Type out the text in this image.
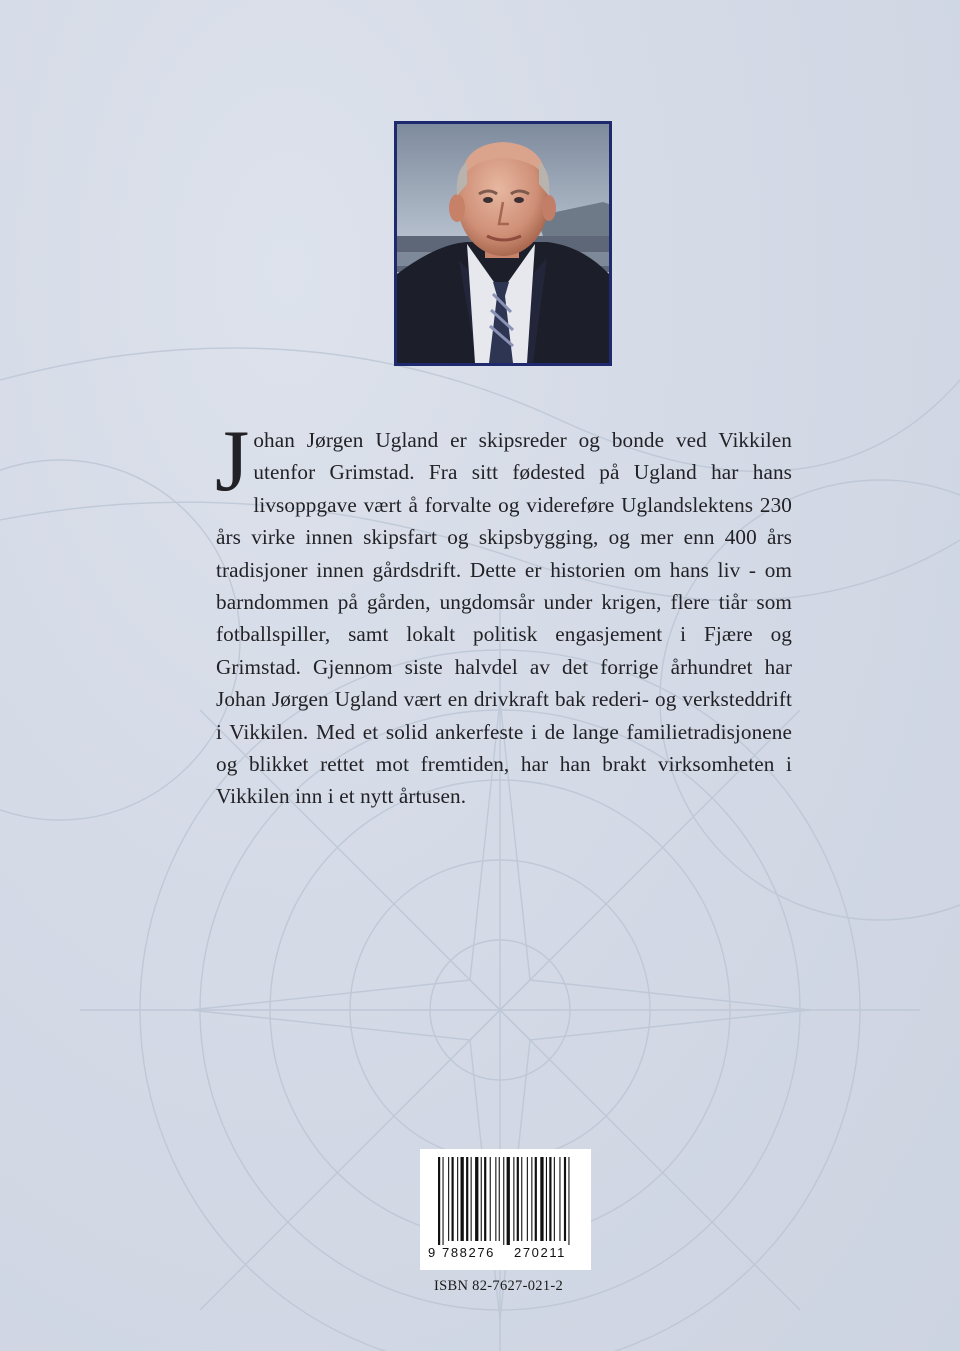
Johan Jørgen Ugland er skipsreder og bonde ved Vikkilen utenfor Grimstad. Fra sitt fødested på Ugland har hans livsoppgave vært å forvalte og videreføre Uglandslektens 230 års virke innen skipsfart og skipsbygging, og mer enn 400 års tradisjoner innen gårdsdrift. Dette er historien om hans liv - om barndommen på gården, ungdomsår under krigen, flere tiår som fotballspiller, samt lokalt politisk engasjement i Fjære og Grimstad. Gjennom siste halvdel av det forrige århundret har Johan Jørgen Ugland vært en drivkraft bak rederi- og verksteddrift i Vikkilen. Med et solid ankerfeste i de lange familietradisjonene og blikket rettet mot fremtiden, har han brakt virksomheten i Vikkilen inn i et nytt årtusen.
9 788276 270211
ISBN 82-7627-021-2
